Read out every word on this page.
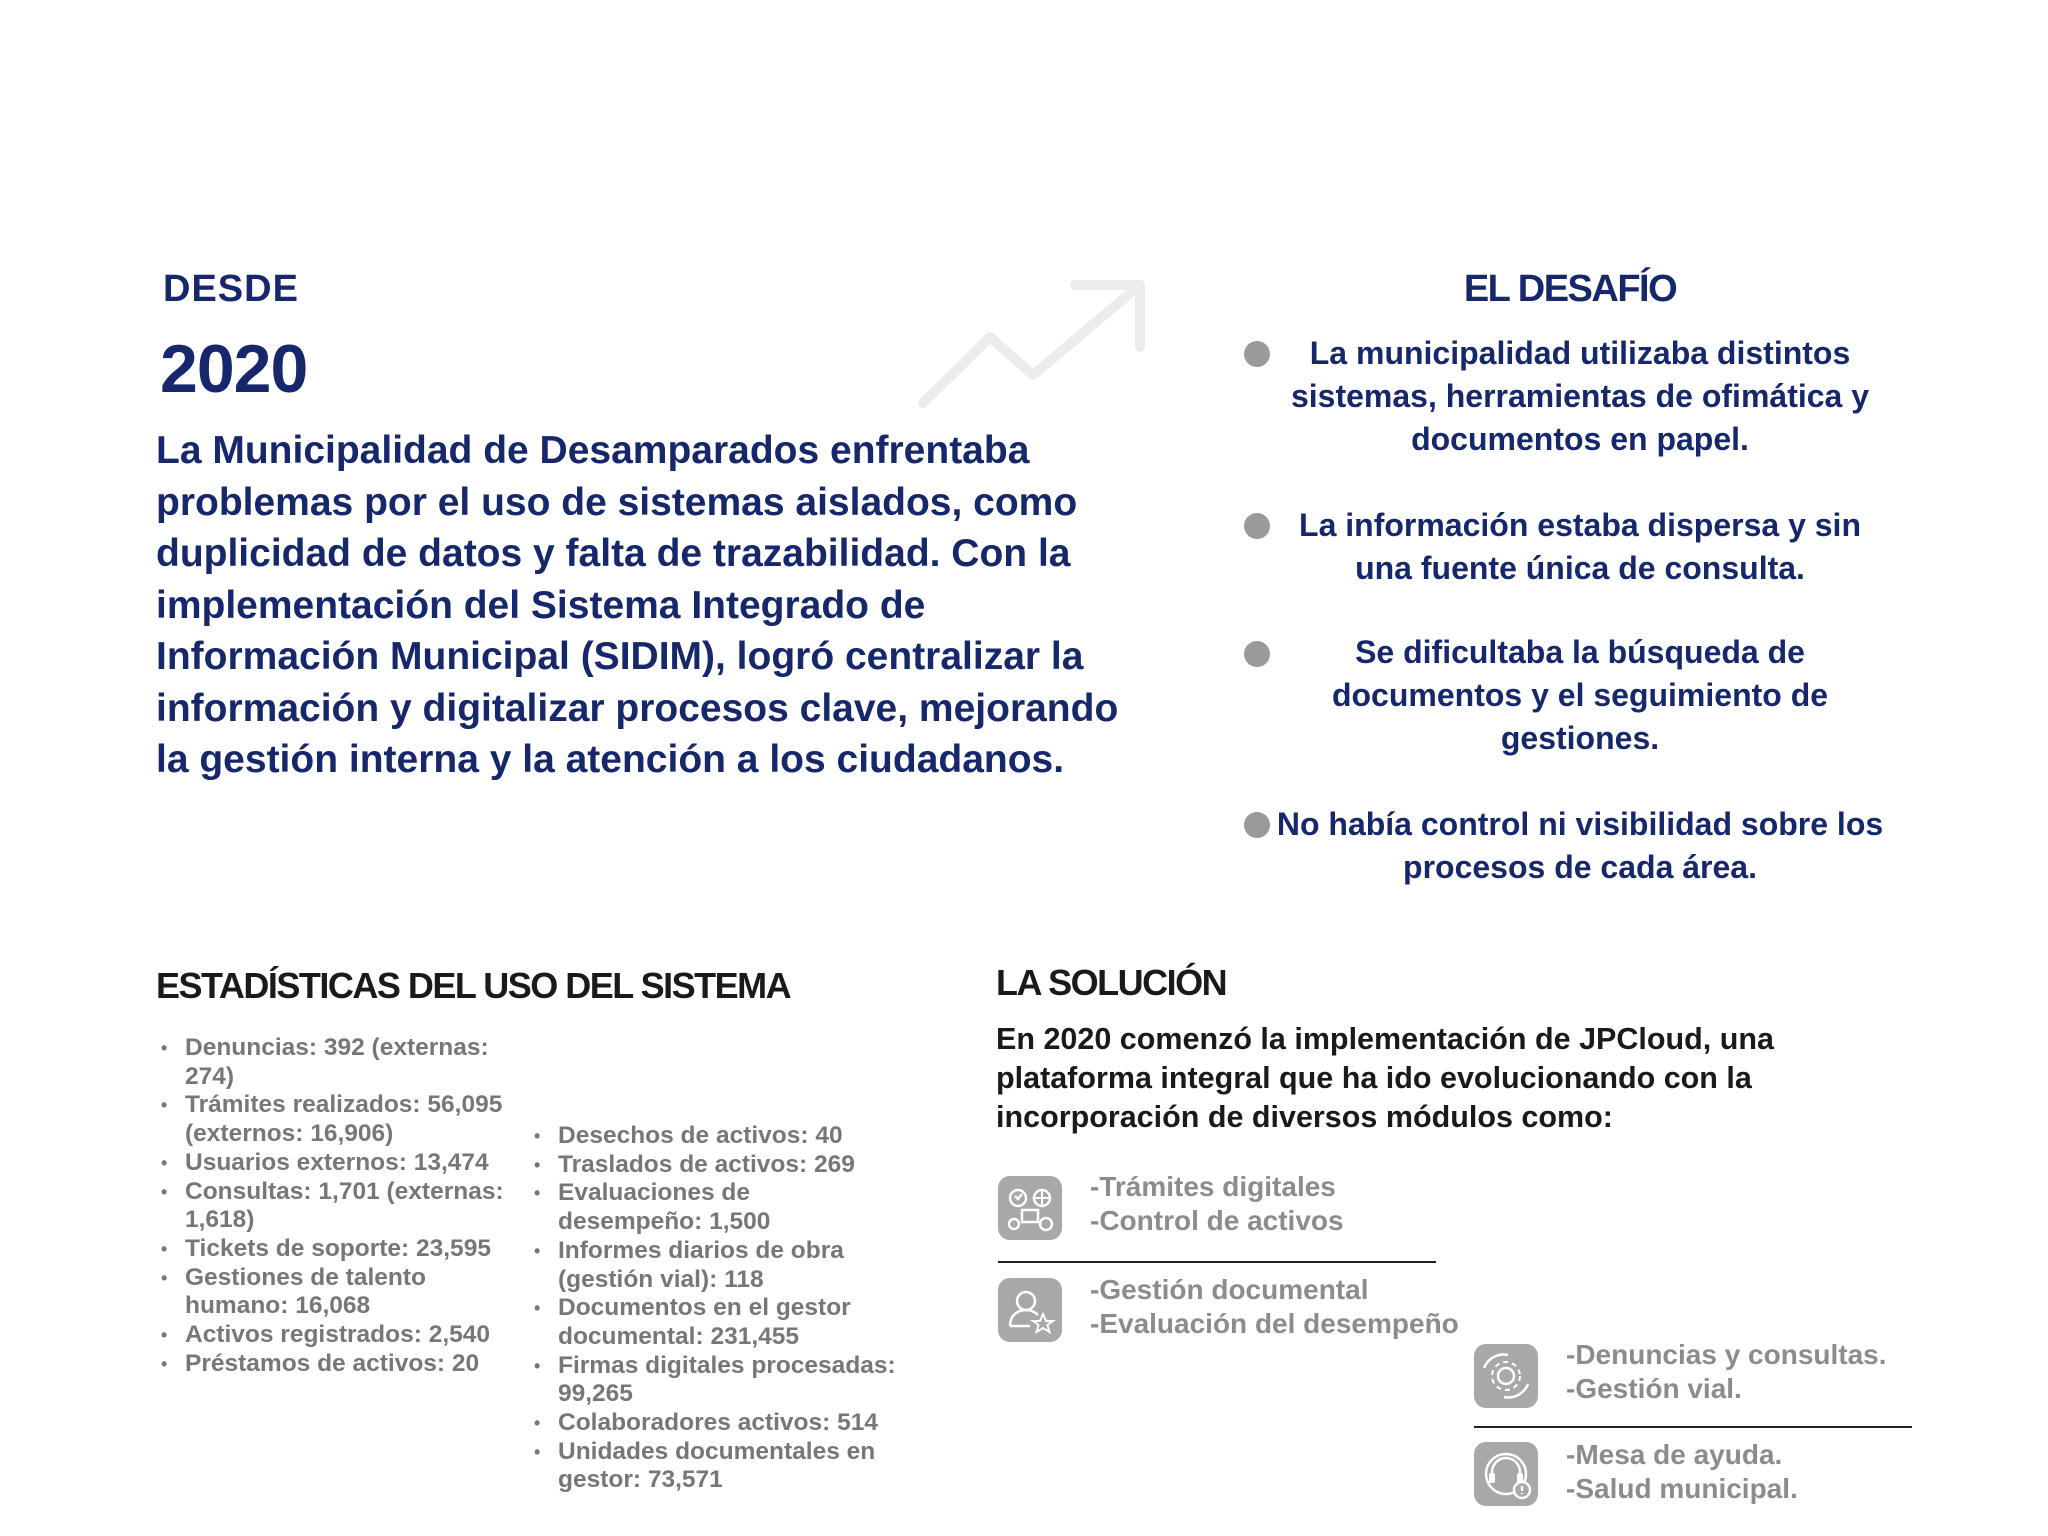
DESDE
2020
La Municipalidad de Desamparados enfrentaba problemas por el uso de sistemas aislados, como duplicidad de datos y falta de trazabilidad. Con la implementación del Sistema Integrado de Información Municipal (SIDIM), logró centralizar la información y digitalizar procesos clave, mejorando la gestión interna y la atención a los ciudadanos.
EL DESAFÍO
La municipalidad utilizaba distintos sistemas, herramientas de ofimática y documentos en papel.
La información estaba dispersa y sin una fuente única de consulta.
Se dificultaba la búsqueda de documentos y el seguimiento de gestiones.
No había control ni visibilidad sobre los procesos de cada área.
ESTADÍSTICAS DEL USO DEL SISTEMA
• Denuncias: 392 (externas: 274)
• Trámites realizados: 56,095 (externos: 16,906)
• Usuarios externos: 13,474
• Consultas: 1,701 (externas: 1,618)
• Tickets de soporte: 23,595
• Gestiones de talento humano: 16,068
• Activos registrados: 2,540
• Préstamos de activos: 20
• Desechos de activos: 40
• Traslados de activos: 269
• Evaluaciones de desempeño: 1,500
• Informes diarios de obra (gestión vial): 118
• Documentos en el gestor documental: 231,455
• Firmas digitales procesadas: 99,265
• Colaboradores activos: 514
• Unidades documentales en gestor: 73,571
LA SOLUCIÓN
En 2020 comenzó la implementación de JPCloud, una plataforma integral que ha ido evolucionando con la incorporación de diversos módulos como:
-Trámites digitales
-Control de activos
-Gestión documental
-Evaluación del desempeño
-Denuncias y consultas.
-Gestión vial.
-Mesa de ayuda.
-Salud municipal.
